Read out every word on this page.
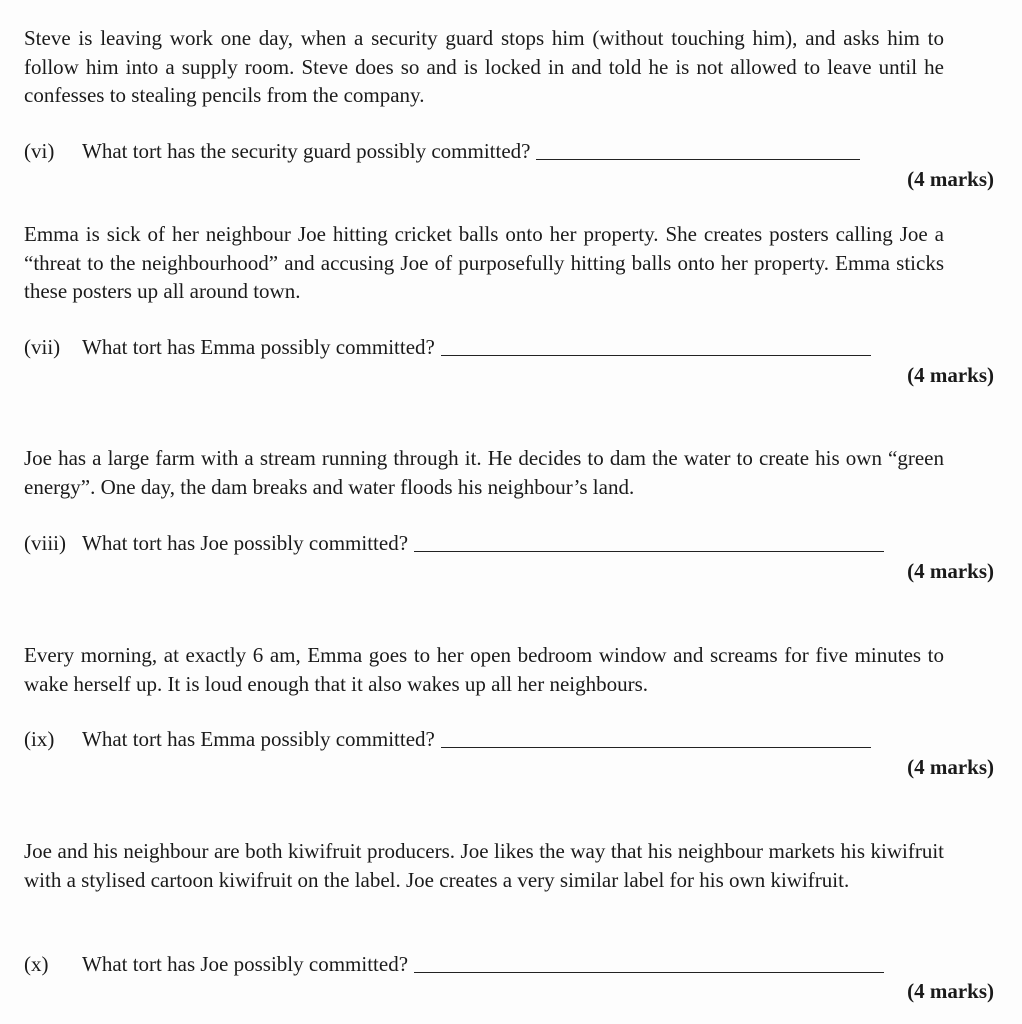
Steve is leaving work one day, when a security guard stops him (without touching him), and asks him to follow him into a supply room. Steve does so and is locked in and told he is not allowed to leave until he confesses to stealing pencils from the company.

(vi)	What tort has the security guard possibly committed?
(4 marks)

Emma is sick of her neighbour Joe hitting cricket balls onto her property. She creates posters calling Joe a “threat to the neighbourhood” and accusing Joe of purposefully hitting balls onto her property. Emma sticks these posters up all around town.

(vii)	What tort has Emma possibly committed?
(4 marks)

Joe has a large farm with a stream running through it. He decides to dam the water to create his own “green energy”. One day, the dam breaks and water floods his neighbour’s land.

(viii) What tort has Joe possibly committed?
(4 marks)

Every morning, at exactly 6 am, Emma goes to her open bedroom window and screams for five minutes to wake herself up. It is loud enough that it also wakes up all her neighbours.

(ix)	What tort has Emma possibly committed?
(4 marks)

Joe and his neighbour are both kiwifruit producers. Joe likes the way that his neighbour markets his kiwifruit with a stylised cartoon kiwifruit on the label. Joe creates a very similar label for his own kiwifruit.

(x)	What tort has Joe possibly committed?
(4 marks)
